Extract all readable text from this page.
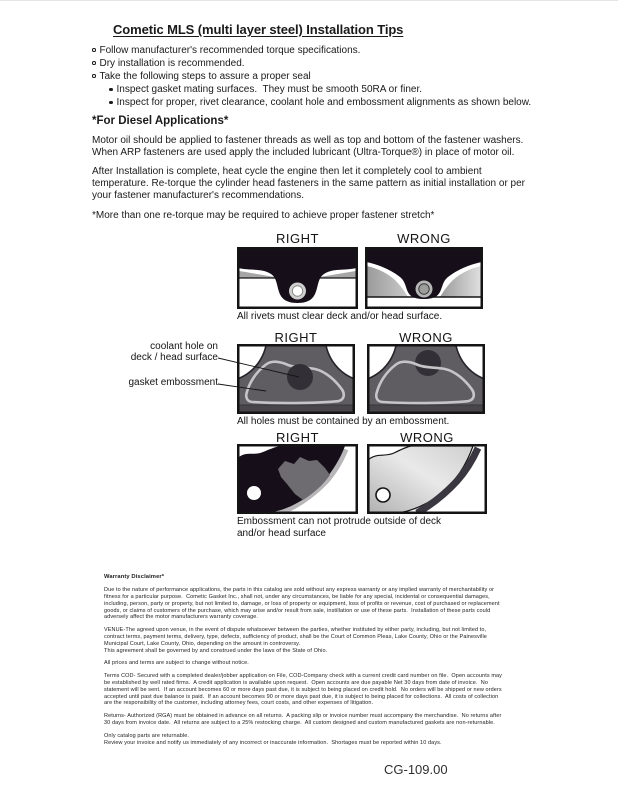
Cometic MLS (multi layer steel) Installation Tips
Follow manufacturer's recommended torque specifications.
Dry installation is recommended.
Take the following steps to assure a proper seal
Inspect gasket mating surfaces.  They must be smooth 50RA or finer.
Inspect for proper, rivet clearance, coolant hole and embossment alignments as shown below.
*For Diesel Applications*

Motor oil should be applied to fastener threads as well as top and bottom of the fastener washers. When ARP fasteners are used apply the included lubricant (Ultra-Torque®) in place of motor oil.

After Installation is complete, heat cycle the engine then let it completely cool to ambient temperature. Re-torque the cylinder head fasteners in the same pattern as initial installation or per your fastener manufacturer's recommendations.

*More than one re-torque may be required to achieve proper fastener stretch*

RIGHT	WRONG
All rivets must clear deck and/or head surface.
RIGHT	WRONG
coolant hole on
deck / head surface
gasket embossment
All holes must be contained by an embossment.
RIGHT	WRONG
Embossment can not protrude outside of deck
and/or head surface
Warranty Disclaimer*

Due to the nature of performance applications, the parts in this catalog are sold without any express warranty or any implied warranty of merchantability or fitness for a particular purpose.  Cometic Gasket Inc., shall not, under any circumstances, be liable for any special, incidental or consequential damages, including, person, party or property, but not limited to, damage, or loss of property or equipment, loss of profits or revenue, cost of purchased or replacement goods, or claims of customers of the purchase, which may arise and/or result from sale, instillation or use of these parts.  Installation of these parts could adversely affect the motor manufacturers warranty coverage.

VENUE-The agreed upon venue, in the event of dispute whatsoever between the parties, whether instituted by either party, including, but not limited to, contract terms, payment terms, delivery, type, defects, sufficiency of product, shall be the Court of Common Pleas, Lake County, Ohio or the Painesville Municipal Court, Lake County, Ohio, depending on the amount in controversy.

This agreement shall be governed by and construed under the laws of the State of Ohio.

All prices and terms are subject to change without notice.

Terms COD- Secured with a completed dealer/jobber application on File, COD-Company check with a current credit card number on file.  Open accounts may be established by well rated firms.  A credit application is available upon request.  Open accounts are due payable Net 30 days from date of invoice.  No statement will be sent.  If an account becomes 60 or more days past due, it is subject to being placed on credit hold.  No orders will be shipped or new orders accepted until past due balance is paid.  If an account becomes 90 or more days past due, it is subject to being placed for collections.  All costs of collection are the responsibility of the customer, including attorney fees, court costs, and other expenses of litigation.

Returns- Authorized (RGA) must be obtained in advance on all returns.  A packing slip or invoice number must accompany the merchandise.  No returns after 30 days from invoice date.  All returns are subject to a 25% restocking charge.  All custom designed and custom manufactured gaskets are non-returnable.

Only catalog parts are returnable.

Review your invoice and notify us immediately of any incorrect or inaccurate information.  Shortages must be reported within 10 days.

CG-109.00
